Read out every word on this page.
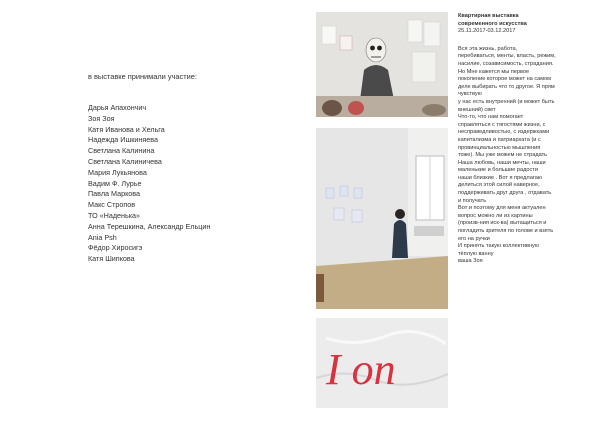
в выставке принимали участие:

Дарья Апахончич
Зоя Зоя
Катя Иванова и Хельга
Надежда Ишкиняева
Светлана Калинина
Светлана Калиничева
Мария Лукьянова
Вадим Ф. Лурье
Павла Маркова
Макс Стропов
ТО «Наденька»
Анна Терешкина, Александр Ельцин
Ania Psh
Фёдор Хиросигэ
Катя Шипкова
I on

Квартирная выставка
современного искусства

25.11.2017-03.12.2017

Вся эта жизнь, работа,
перебиваться, менты, власть, режим,
насилие, созависимость, страдания.
Но Мне кажется мы первое
поколение которое может на самом
деле выбирать что то другое. Я прям
чувствую
у нас есть внутренний (и может быть
внешний) свет
Что-то, что нам помогает
справляться с тягостями жизни, с
несправедливостью, с издержками
капитализма и патриархата (и с
провинциальностью мышления
тоже). Мы уже можем не страдать
Наша любовь, наши мечты, наши
маленькие и большие радости
наши близкие . Вот я предлагаю
делиться этой силой наверное,
поддерживать друг друга , отдавать
и получать
Вот и поэтому для меня актуален
вопрос можно ли из картины
(произв-ния иск-ва) вытащиться и
погладить зрителя по голове и взять
его на ручки
И принять такую коллективную
тёплую ванну
ваша Зоя
